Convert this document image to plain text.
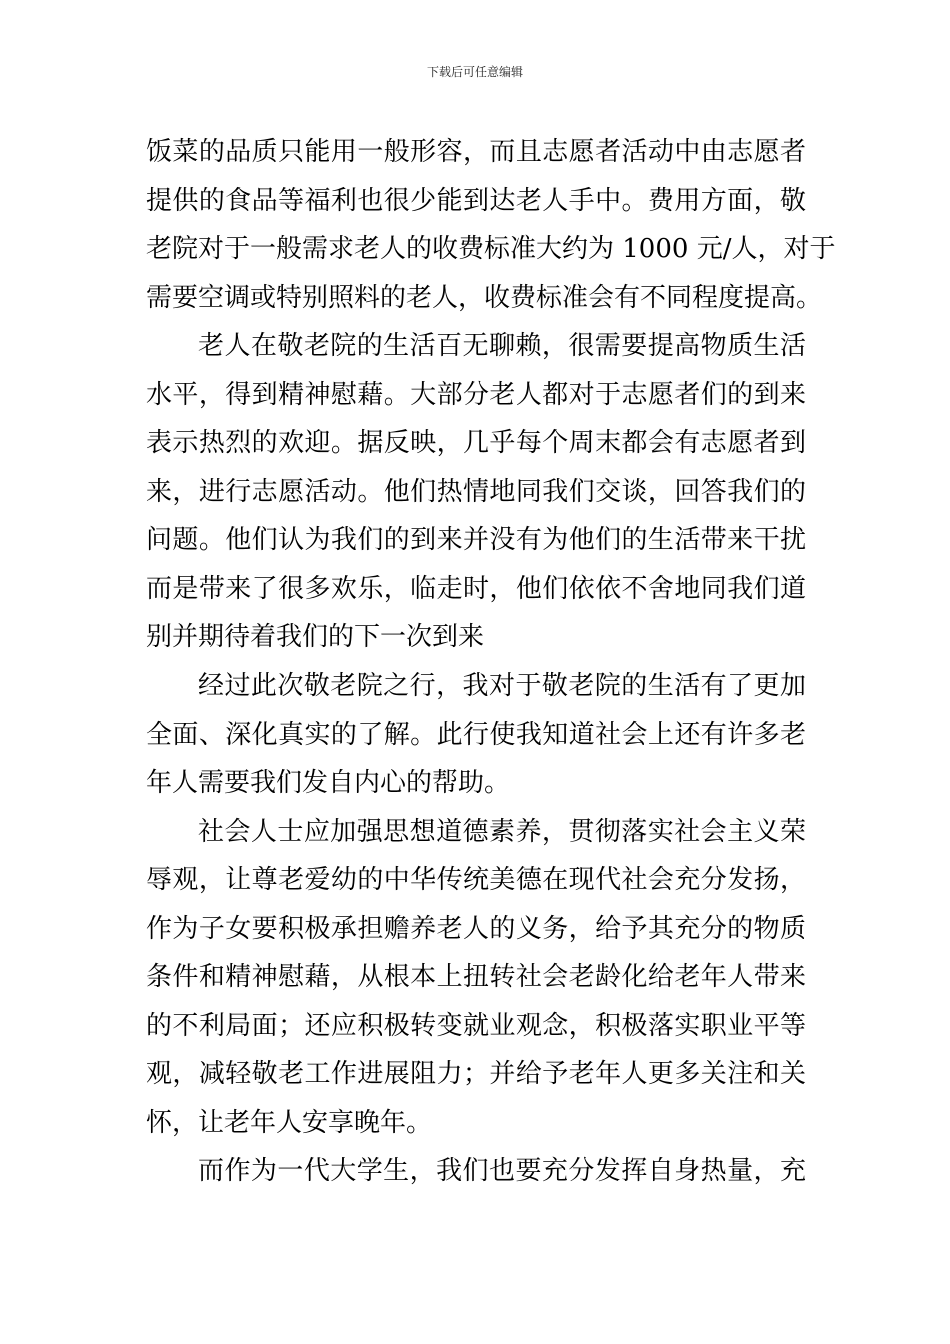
下载后可任意编辑
饭菜的品质只能用一般形容，而且志愿者活动中由志愿者
提供的食品等福利也很少能到达老人手中。费用方面，敬
老院对于一般需求老人的收费标准大约为 1000 元/人，对于
需要空调或特别照料的老人，收费标准会有不同程度提高。
老人在敬老院的生活百无聊赖，很需要提高物质生活
水平，得到精神慰藉。大部分老人都对于志愿者们的到来
表示热烈的欢迎。据反映，几乎每个周末都会有志愿者到
来，进行志愿活动。他们热情地同我们交谈，回答我们的
问题。他们认为我们的到来并没有为他们的生活带来干扰
而是带来了很多欢乐，临走时，他们依依不舍地同我们道
别并期待着我们的下一次到来
经过此次敬老院之行，我对于敬老院的生活有了更加
全面、深化真实的了解。此行使我知道社会上还有许多老
年人需要我们发自内心的帮助。
社会人士应加强思想道德素养，贯彻落实社会主义荣
辱观，让尊老爱幼的中华传统美德在现代社会充分发扬，
作为子女要积极承担赡养老人的义务，给予其充分的物质
条件和精神慰藉，从根本上扭转社会老龄化给老年人带来
的不利局面；还应积极转变就业观念，积极落实职业平等
观，减轻敬老工作进展阻力；并给予老年人更多关注和关
怀，让老年人安享晚年。
而作为一代大学生，我们也要充分发挥自身热量，充
